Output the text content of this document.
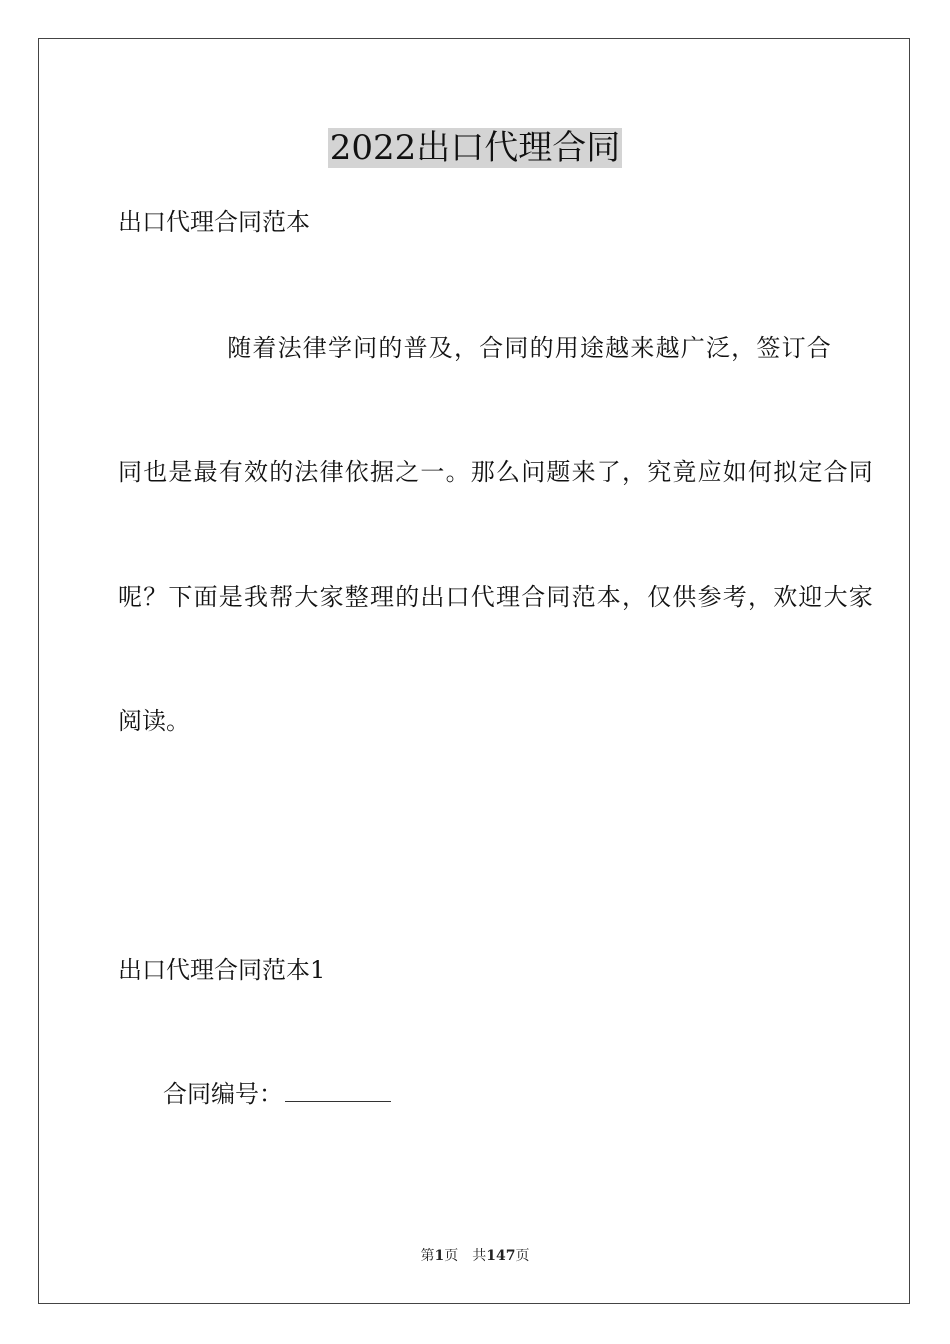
2022出口代理合同
出口代理合同范本
随着法律学问的普及，合同的用途越来越广泛，签订合
同也是最有效的法律依据之一。那么问题来了，究竟应如何拟定合同
呢？下面是我帮大家整理的出口代理合同范本，仅供参考，欢迎大家
阅读。
出口代理合同范本1
合同编号：
第1页 共147页
